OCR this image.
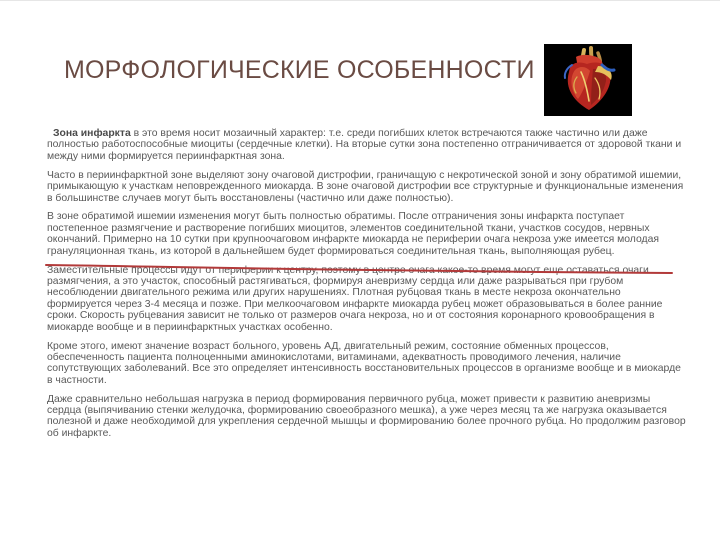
МОРФОЛОГИЧЕСКИЕ ОСОБЕННОСТИ

Зона инфаркта в это время носит мозаичный характер: т.е. среди погибших клеток встречаются также частично или даже полностью работоспособные миоциты (сердечные клетки). На вторые сутки зона постепенно отграничивается от здоровой ткани и между ними формируется периинфарктная зона.

Часто в периинфарктной зоне выделяют зону очаговой дистрофии, граничащую с некротической зоной и зону обратимой ишемии, примыкающую к участкам неповрежденного миокарда. В зоне очаговой дистрофии все структурные и функциональные изменения в большинстве случаев могут быть восстановлены (частично или даже полностью).

В зоне обратимой ишемии изменения могут быть полностью обратимы. После отграничения зоны инфаркта поступает постепенное размягчение и растворение погибших миоцитов, элементов соединительной ткани, участков сосудов, нервных окончаний. Примерно на 10 сутки при крупноочаговом инфаркте миокарда не периферии очага некроза уже имеется молодая грануляционная ткань, из которой в дальнейшем будет формироваться соединительная ткань, выполняющая рубец.

Заместительные процессы идут от периферии к центру, поэтому в центре очага какое-то время могут еще оставаться очаги размягчения, а это участок, способный растягиваться, формируя аневризму сердца или даже разрываться при грубом несоблюдении двигательного режима или других нарушениях. Плотная рубцовая ткань в месте некроза окончательно формируется через 3-4 месяца и позже. При мелкоочаговом инфаркте миокарда рубец может образовываться в более ранние сроки. Скорость рубцевания зависит не только от размеров очага некроза, но и от состояния коронарного кровообращения в миокарде вообще и в периинфарктных участках особенно.

Кроме этого, имеют значение возраст больного, уровень АД, двигательный режим, состояние обменных процессов, обеспеченность пациента полноценными аминокислотами, витаминами, адекватность проводимого лечения, наличие сопутствующих заболеваний. Все это определяет интенсивность восстановительных процессов в организме вообще и в миокарде в частности.

Даже сравнительно небольшая нагрузка в период формирования первичного рубца, может привести к развитию аневризмы сердца (выпячиванию стенки желудочка, формированию своеобразного мешка), а уже через месяц та же нагрузка оказывается полезной и даже необходимой для укрепления сердечной мышцы и формированию более прочного рубца. Но продолжим разговор об инфаркте.
